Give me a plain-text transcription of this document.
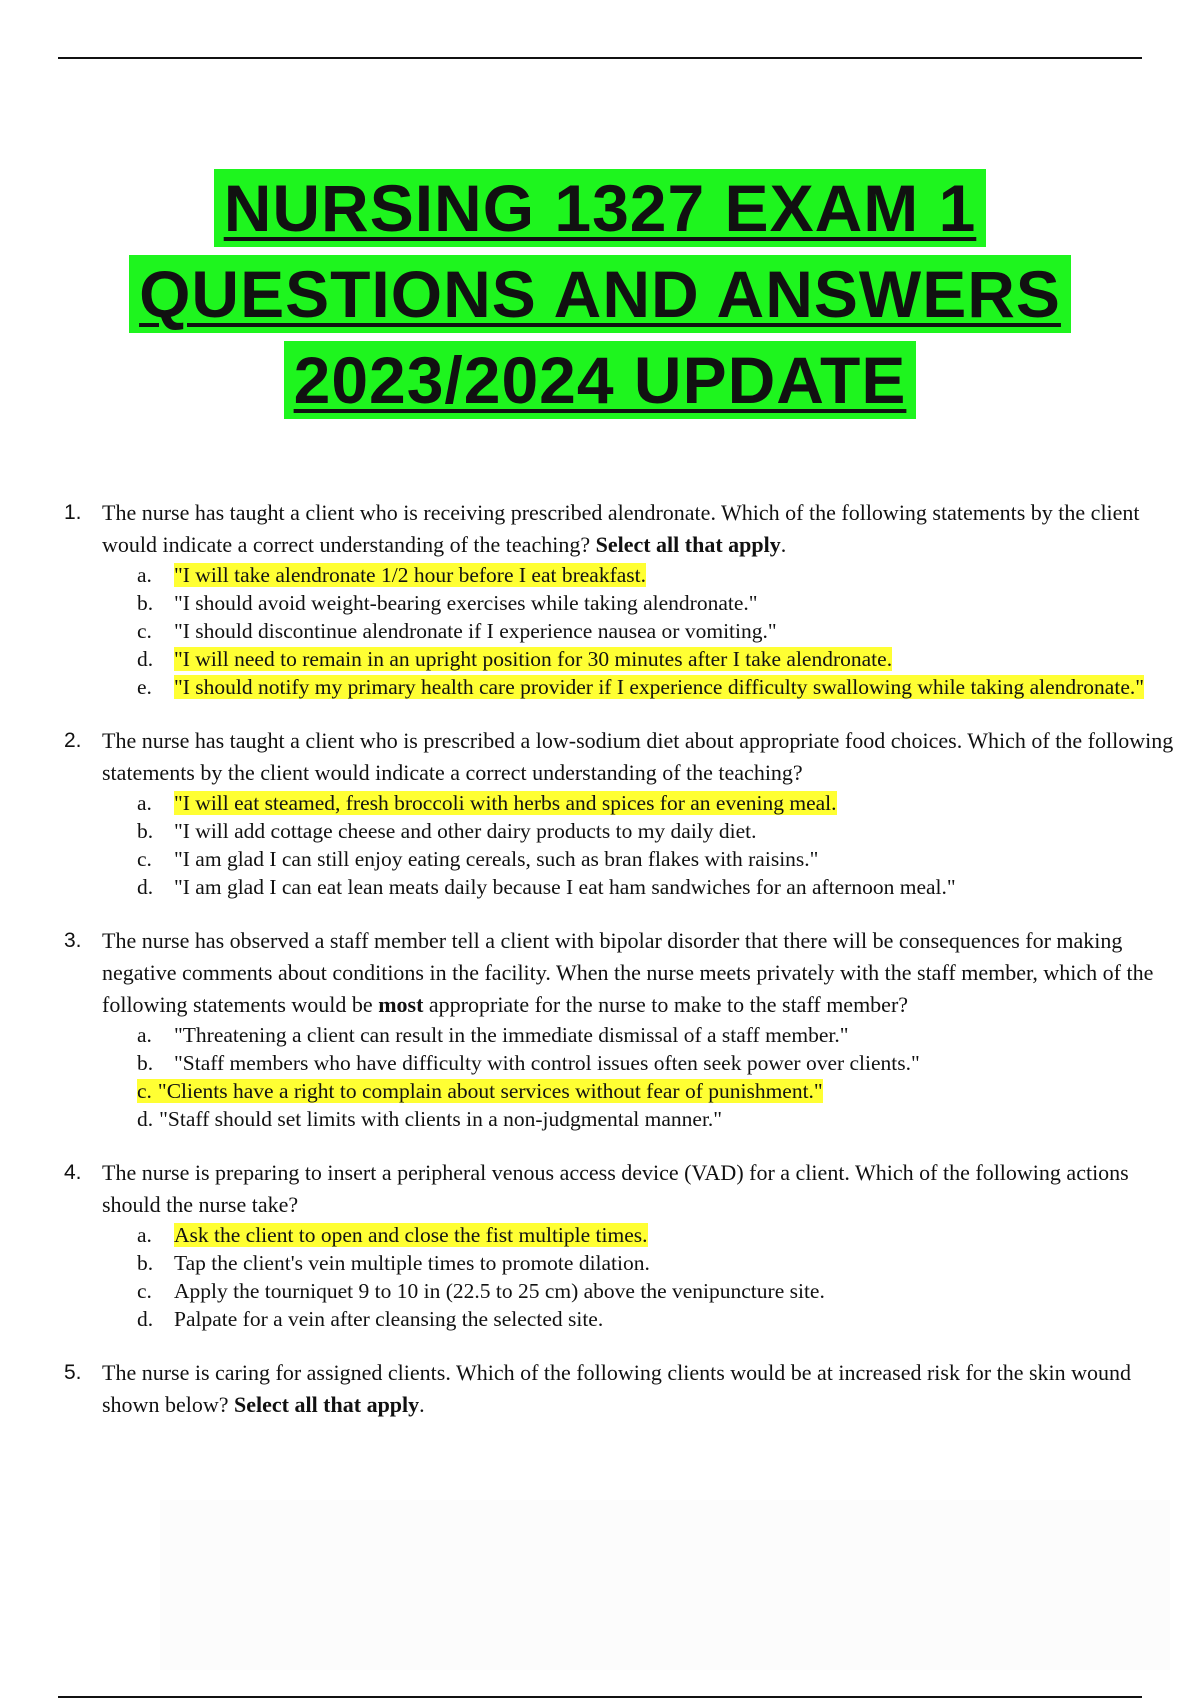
NURSING 1327 EXAM 1
QUESTIONS AND ANSWERS
2023/2024 UPDATE
1. The nurse has taught a client who is receiving prescribed alendronate. Which of the following statements by the client would indicate a correct understanding of the teaching? Select all that apply.
a. "I will take alendronate 1/2 hour before I eat breakfast.
b. "I should avoid weight-bearing exercises while taking alendronate."
c. "I should discontinue alendronate if I experience nausea or vomiting."
d. "I will need to remain in an upright position for 30 minutes after I take alendronate.
e. "I should notify my primary health care provider if I experience difficulty swallowing while taking alendronate."
2. The nurse has taught a client who is prescribed a low-sodium diet about appropriate food choices. Which of the following statements by the client would indicate a correct understanding of the teaching?
a. "I will eat steamed, fresh broccoli with herbs and spices for an evening meal.
b. "I will add cottage cheese and other dairy products to my daily diet.
c. "I am glad I can still enjoy eating cereals, such as bran flakes with raisins."
d. "I am glad I can eat lean meats daily because I eat ham sandwiches for an afternoon meal."
3. The nurse has observed a staff member tell a client with bipolar disorder that there will be consequences for making negative comments about conditions in the facility. When the nurse meets privately with the staff member, which of the following statements would be most appropriate for the nurse to make to the staff member?
a. "Threatening a client can result in the immediate dismissal of a staff member."
b. "Staff members who have difficulty with control issues often seek power over clients."
c. "Clients have a right to complain about services without fear of punishment."
d. "Staff should set limits with clients in a non-judgmental manner."
4. The nurse is preparing to insert a peripheral venous access device (VAD) for a client. Which of the following actions should the nurse take?
a. Ask the client to open and close the fist multiple times.
b. Tap the client's vein multiple times to promote dilation.
c. Apply the tourniquet 9 to 10 in (22.5 to 25 cm) above the venipuncture site.
d. Palpate for a vein after cleansing the selected site.
5. The nurse is caring for assigned clients. Which of the following clients would be at increased risk for the skin wound shown below? Select all that apply.
